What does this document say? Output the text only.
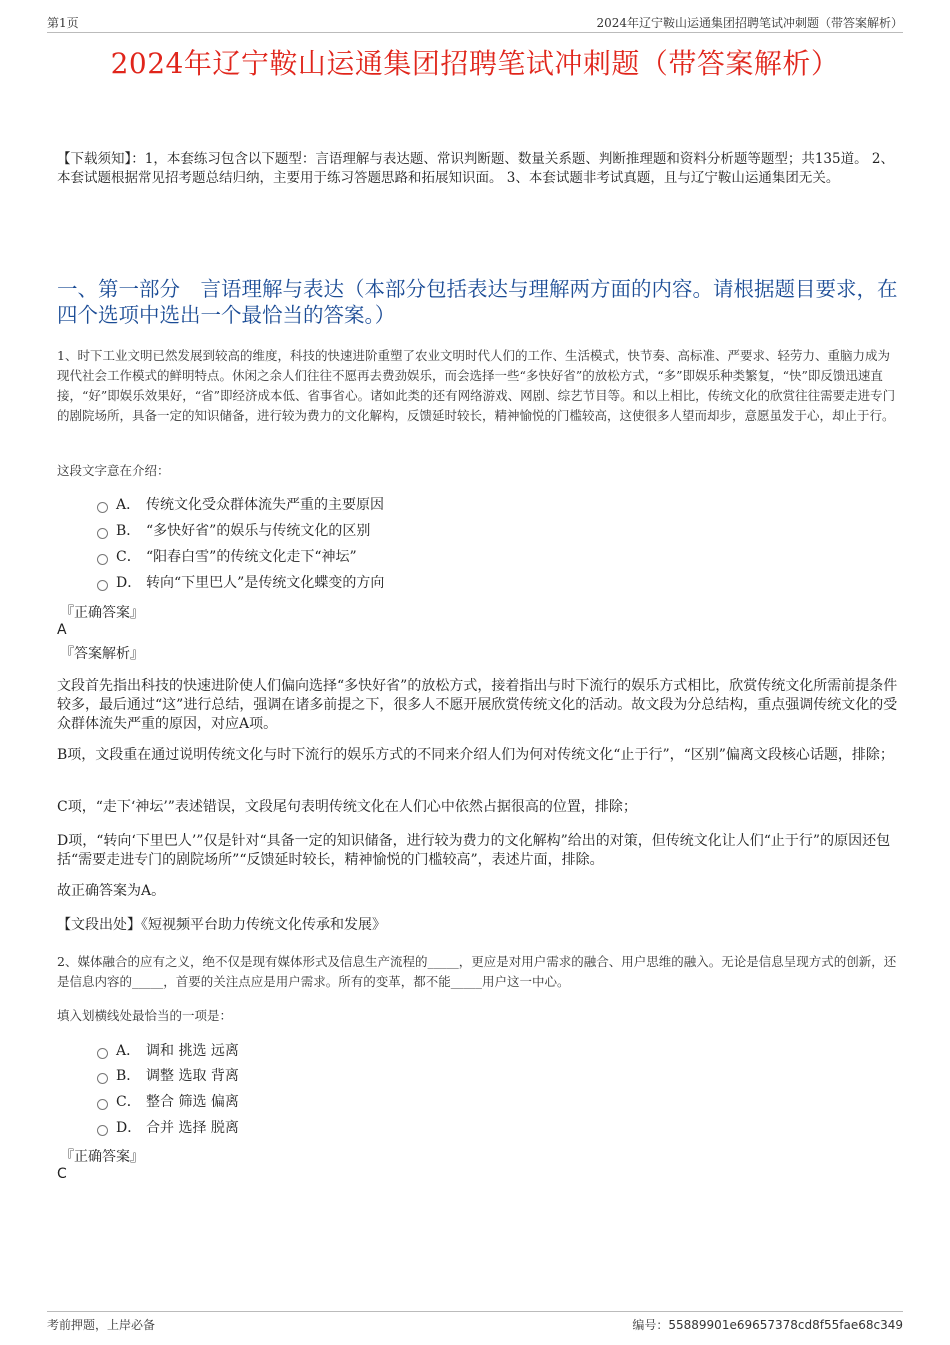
第1页	2024年辽宁鞍山运通集团招聘笔试冲刺题（带答案解析）
2024年辽宁鞍山运通集团招聘笔试冲刺题（带答案解析）
【下载须知】：1，本套练习包含以下题型：言语理解与表达题、常识判断题、数量关系题、判断推理题和资料分析题等题型；共135道。 2、本套试题根据常见招考题总结归纳，主要用于练习答题思路和拓展知识面。 3、本套试题非考试真题，且与辽宁鞍山运通集团无关。
一、第一部分　言语理解与表达（本部分包括表达与理解两方面的内容。请根据题目要求，在四个选项中选出一个最恰当的答案。）
1、时下工业文明已然发展到较高的维度，科技的快速进阶重塑了农业文明时代人们的工作、生活模式，快节奏、高标准、严要求、轻劳力、重脑力成为现代社会工作模式的鲜明特点。休闲之余人们往往不愿再去费劲娱乐，而会选择一些“多快好省”的放松方式，“多”即娱乐种类繁复，“快”即反馈迅速直接，“好”即娱乐效果好，“省”即经济成本低、省事省心。诸如此类的还有网络游戏、网剧、综艺节目等。和以上相比，传统文化的欣赏往往需要走进专门的剧院场所，具备一定的知识储备，进行较为费力的文化解构，反馈延时较长，精神愉悦的门槛较高，这使很多人望而却步，意愿虽发于心，却止于行。
这段文字意在介绍：
A． 传统文化受众群体流失严重的主要原因
B． “多快好省”的娱乐与传统文化的区别
C． “阳春白雪”的传统文化走下“神坛”
D． 转向“下里巴人”是传统文化蝶变的方向
『正确答案』
A
『答案解析』
文段首先指出科技的快速进阶使人们偏向选择“多快好省”的放松方式，接着指出与时下流行的娱乐方式相比，欣赏传统文化所需前提条件较多，最后通过“这”进行总结，强调在诸多前提之下，很多人不愿开展欣赏传统文化的活动。故文段为分总结构，重点强调传统文化的受众群体流失严重的原因，对应A项。
B项，文段重在通过说明传统文化与时下流行的娱乐方式的不同来介绍人们为何对传统文化“止于行”，“区别”偏离文段核心话题，排除；
C项，“走下‘神坛’”表述错误，文段尾句表明传统文化在人们心中依然占据很高的位置，排除；
D项，“转向‘下里巴人’”仅是针对“具备一定的知识储备，进行较为费力的文化解构”给出的对策，但传统文化让人们“止于行”的原因还包括“需要走进专门的剧院场所”“反馈延时较长，精神愉悦的门槛较高”，表述片面，排除。
故正确答案为A。
【文段出处】《短视频平台助力传统文化传承和发展》
2、媒体融合的应有之义，绝不仅是现有媒体形式及信息生产流程的_____，更应是对用户需求的融合、用户思维的融入。无论是信息呈现方式的创新，还是信息内容的_____，首要的关注点应是用户需求。所有的变革，都不能_____用户这一中心。
填入划横线处最恰当的一项是：
A． 调和 挑选 远离
B． 调整 选取 背离
C． 整合 筛选 偏离
D． 合并 选择 脱离
『正确答案』
C
考前押题，上岸必备	编号：55889901e69657378cd8f55fae68c349
